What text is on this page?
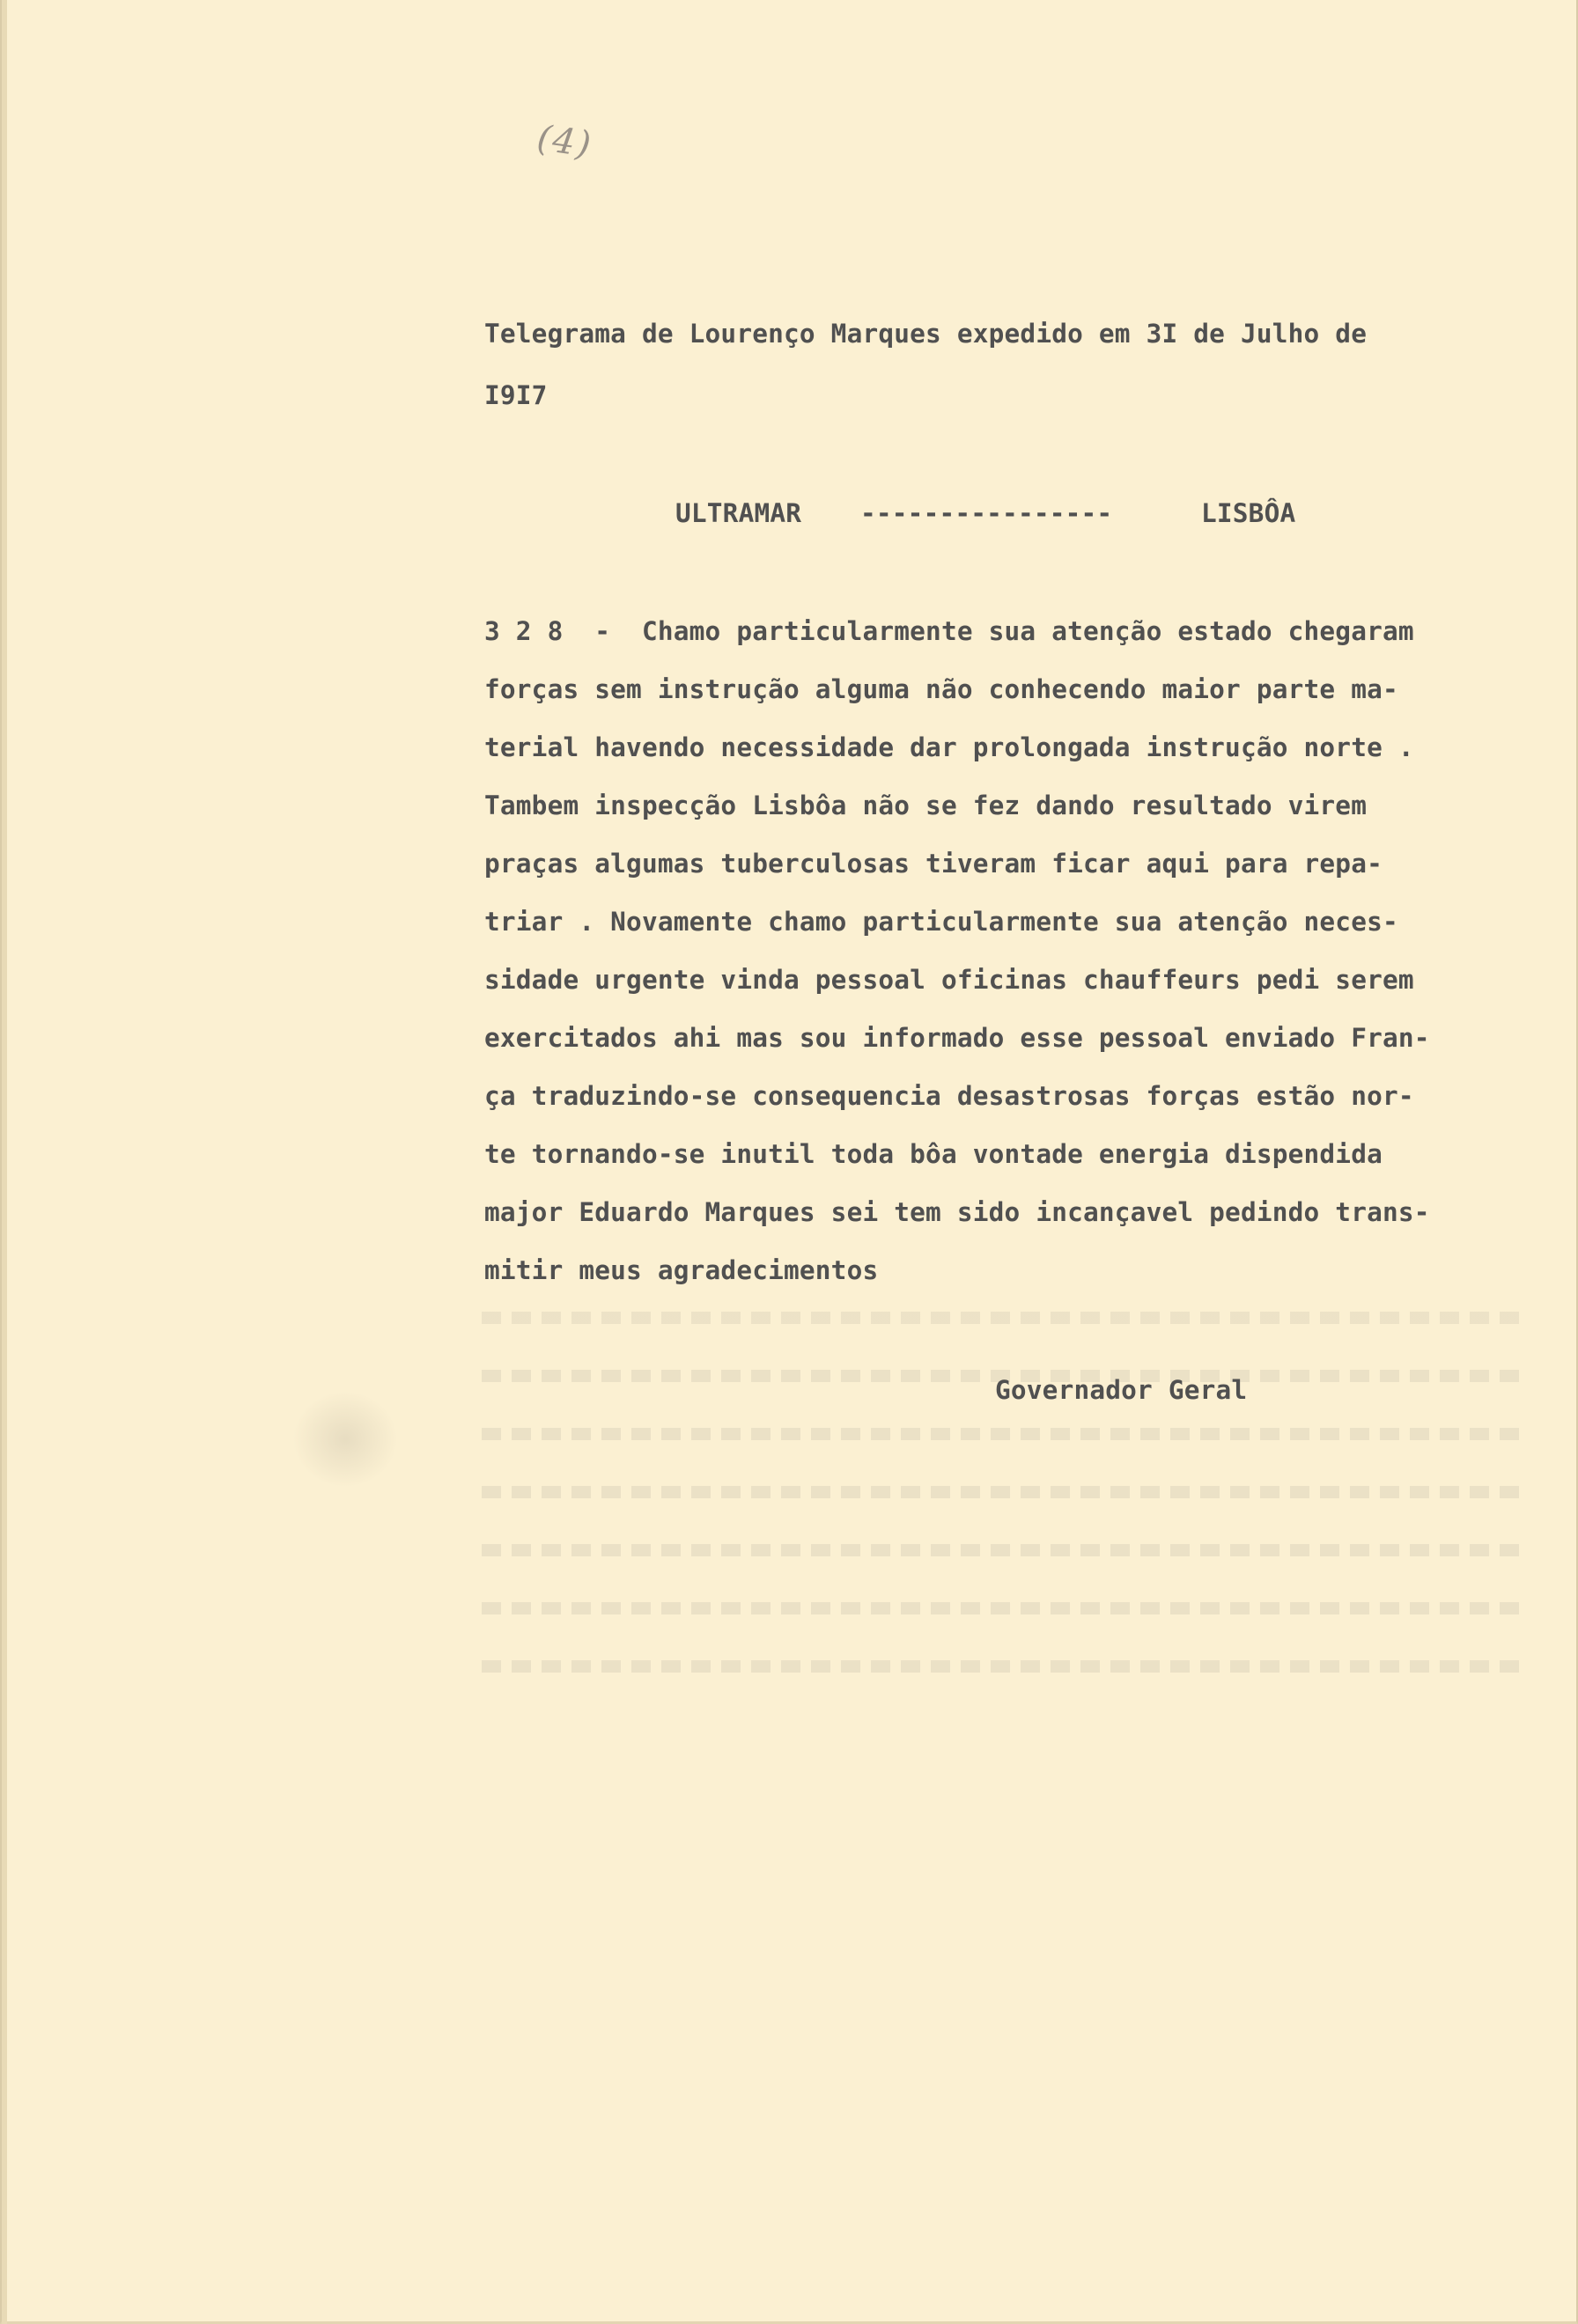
(4)
Telegrama de Lourenço Marques expedido em 3I de Julho de
I9I7
ULTRAMAR ----------------	LISBÔA
3 2 8  -  Chamo particularmente sua atenção estado chegaram
forças sem instrução alguma não conhecendo maior parte ma-
terial havendo necessidade dar prolongada instrução norte .
Tambem inspecção Lisbôa não se fez dando resultado virem
praças algumas tuberculosas tiveram ficar aqui para repa-
triar . Novamente chamo particularmente sua atenção neces-
sidade urgente vinda pessoal oficinas chauffeurs pedi serem
exercitados ahi mas sou informado esse pessoal enviado Fran-
ça traduzindo-se consequencia desastrosas forças estão nor-
te tornando-se inutil toda bôa vontade energia dispendida
major Eduardo Marques sei tem sido incançavel pedindo trans-
mitir meus agradecimentos
Governador Geral
